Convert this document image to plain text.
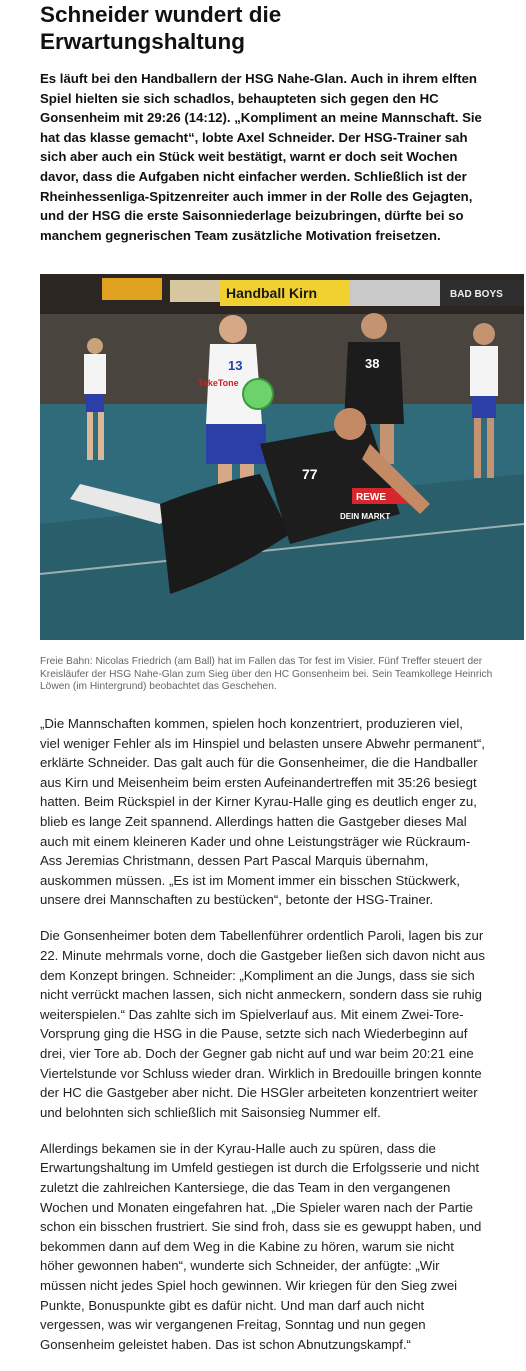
Schneider wundert die Erwartungshaltung

Es läuft bei den Handballern der HSG Nahe-Glan. Auch in ihrem elften Spiel hielten sie sich schadlos, behaupteten sich gegen den HC Gonsenheim mit 29:26 (14:12). „Kompliment an meine Mannschaft. Sie hat das klasse gemacht“, lobte Axel Schneider. Der HSG-Trainer sah sich aber auch ein Stück weit bestätigt, warnt er doch seit Wochen davor, dass die Aufgaben nicht einfacher werden. Schließlich ist der Rheinhessenliga-Spitzenreiter auch immer in der Rolle des Gejagten, und der HSG die erste Saisonniederlage beizubringen, dürfte bei so manchem gegnerischen Team zusätzliche Motivation freisetzen.

Handball Kirn	BAD BOYS
13
TakeTone
38
REWE
DEIN MARKT
77

Freie Bahn: Nicolas Friedrich (am Ball) hat im Fallen das Tor fest im Visier. Fünf Treffer steuert der Kreisläufer der HSG Nahe-Glan zum Sieg über den HC Gonsenheim bei. Sein Teamkollege Heinrich Löwen (im Hintergrund) beobachtet das Geschehen.

„Die Mannschaften kommen, spielen hoch konzentriert, produzieren viel, viel weniger Fehler als im Hinspiel und belasten unsere Abwehr permanent“, erklärte Schneider. Das galt auch für die Gonsenheimer, die die Handballer aus Kirn und Meisenheim beim ersten Aufeinandertreffen mit 35:26 besiegt hatten. Beim Rückspiel in der Kirner Kyrau-Halle ging es deutlich enger zu, blieb es lange Zeit spannend. Allerdings hatten die Gastgeber dieses Mal auch mit einem kleineren Kader und ohne Leistungsträger wie Rückraum-Ass Jeremias Christmann, dessen Part Pascal Marquis übernahm, auskommen müssen. „Es ist im Moment immer ein bisschen Stückwerk, unsere drei Mannschaften zu bestücken“, betonte der HSG-Trainer.

Die Gonsenheimer boten dem Tabellenführer ordentlich Paroli, lagen bis zur 22. Minute mehrmals vorne, doch die Gastgeber ließen sich davon nicht aus dem Konzept bringen. Schneider: „Kompliment an die Jungs, dass sie sich nicht verrückt machen lassen, sich nicht anmeckern, sondern dass sie ruhig weiterspielen.“ Das zahlte sich im Spielverlauf aus. Mit einem Zwei-Tore-Vorsprung ging die HSG in die Pause, setzte sich nach Wiederbeginn auf drei, vier Tore ab. Doch der Gegner gab nicht auf und war beim 20:21 eine Viertelstunde vor Schluss wieder dran. Wirklich in Bredouille bringen konnte der HC die Gastgeber aber nicht. Die HSGler arbeiteten konzentriert weiter und belohnten sich schließlich mit Saisonsieg Nummer elf.

Allerdings bekamen sie in der Kyrau-Halle auch zu spüren, dass die Erwartungshaltung im Umfeld gestiegen ist durch die Erfolgsserie und nicht zuletzt die zahlreichen Kantersiege, die das Team in den vergangenen Wochen und Monaten eingefahren hat. „Die Spieler waren nach der Partie schon ein bisschen frustriert. Sie sind froh, dass sie es gewuppt haben, und bekommen dann auf dem Weg in die Kabine zu hören, warum sie nicht höher gewonnen haben“, wunderte sich Schneider, der anfügte: „Wir müssen nicht jedes Spiel hoch gewinnen. Wir kriegen für den Sieg zwei Punkte, Bonuspunkte gibt es dafür nicht. Und man darf auch nicht vergessen, was wir vergangenen Freitag, Sonntag und nun gegen Gonsenheim geleistet haben. Das ist schon Abnutzungskampf.“
